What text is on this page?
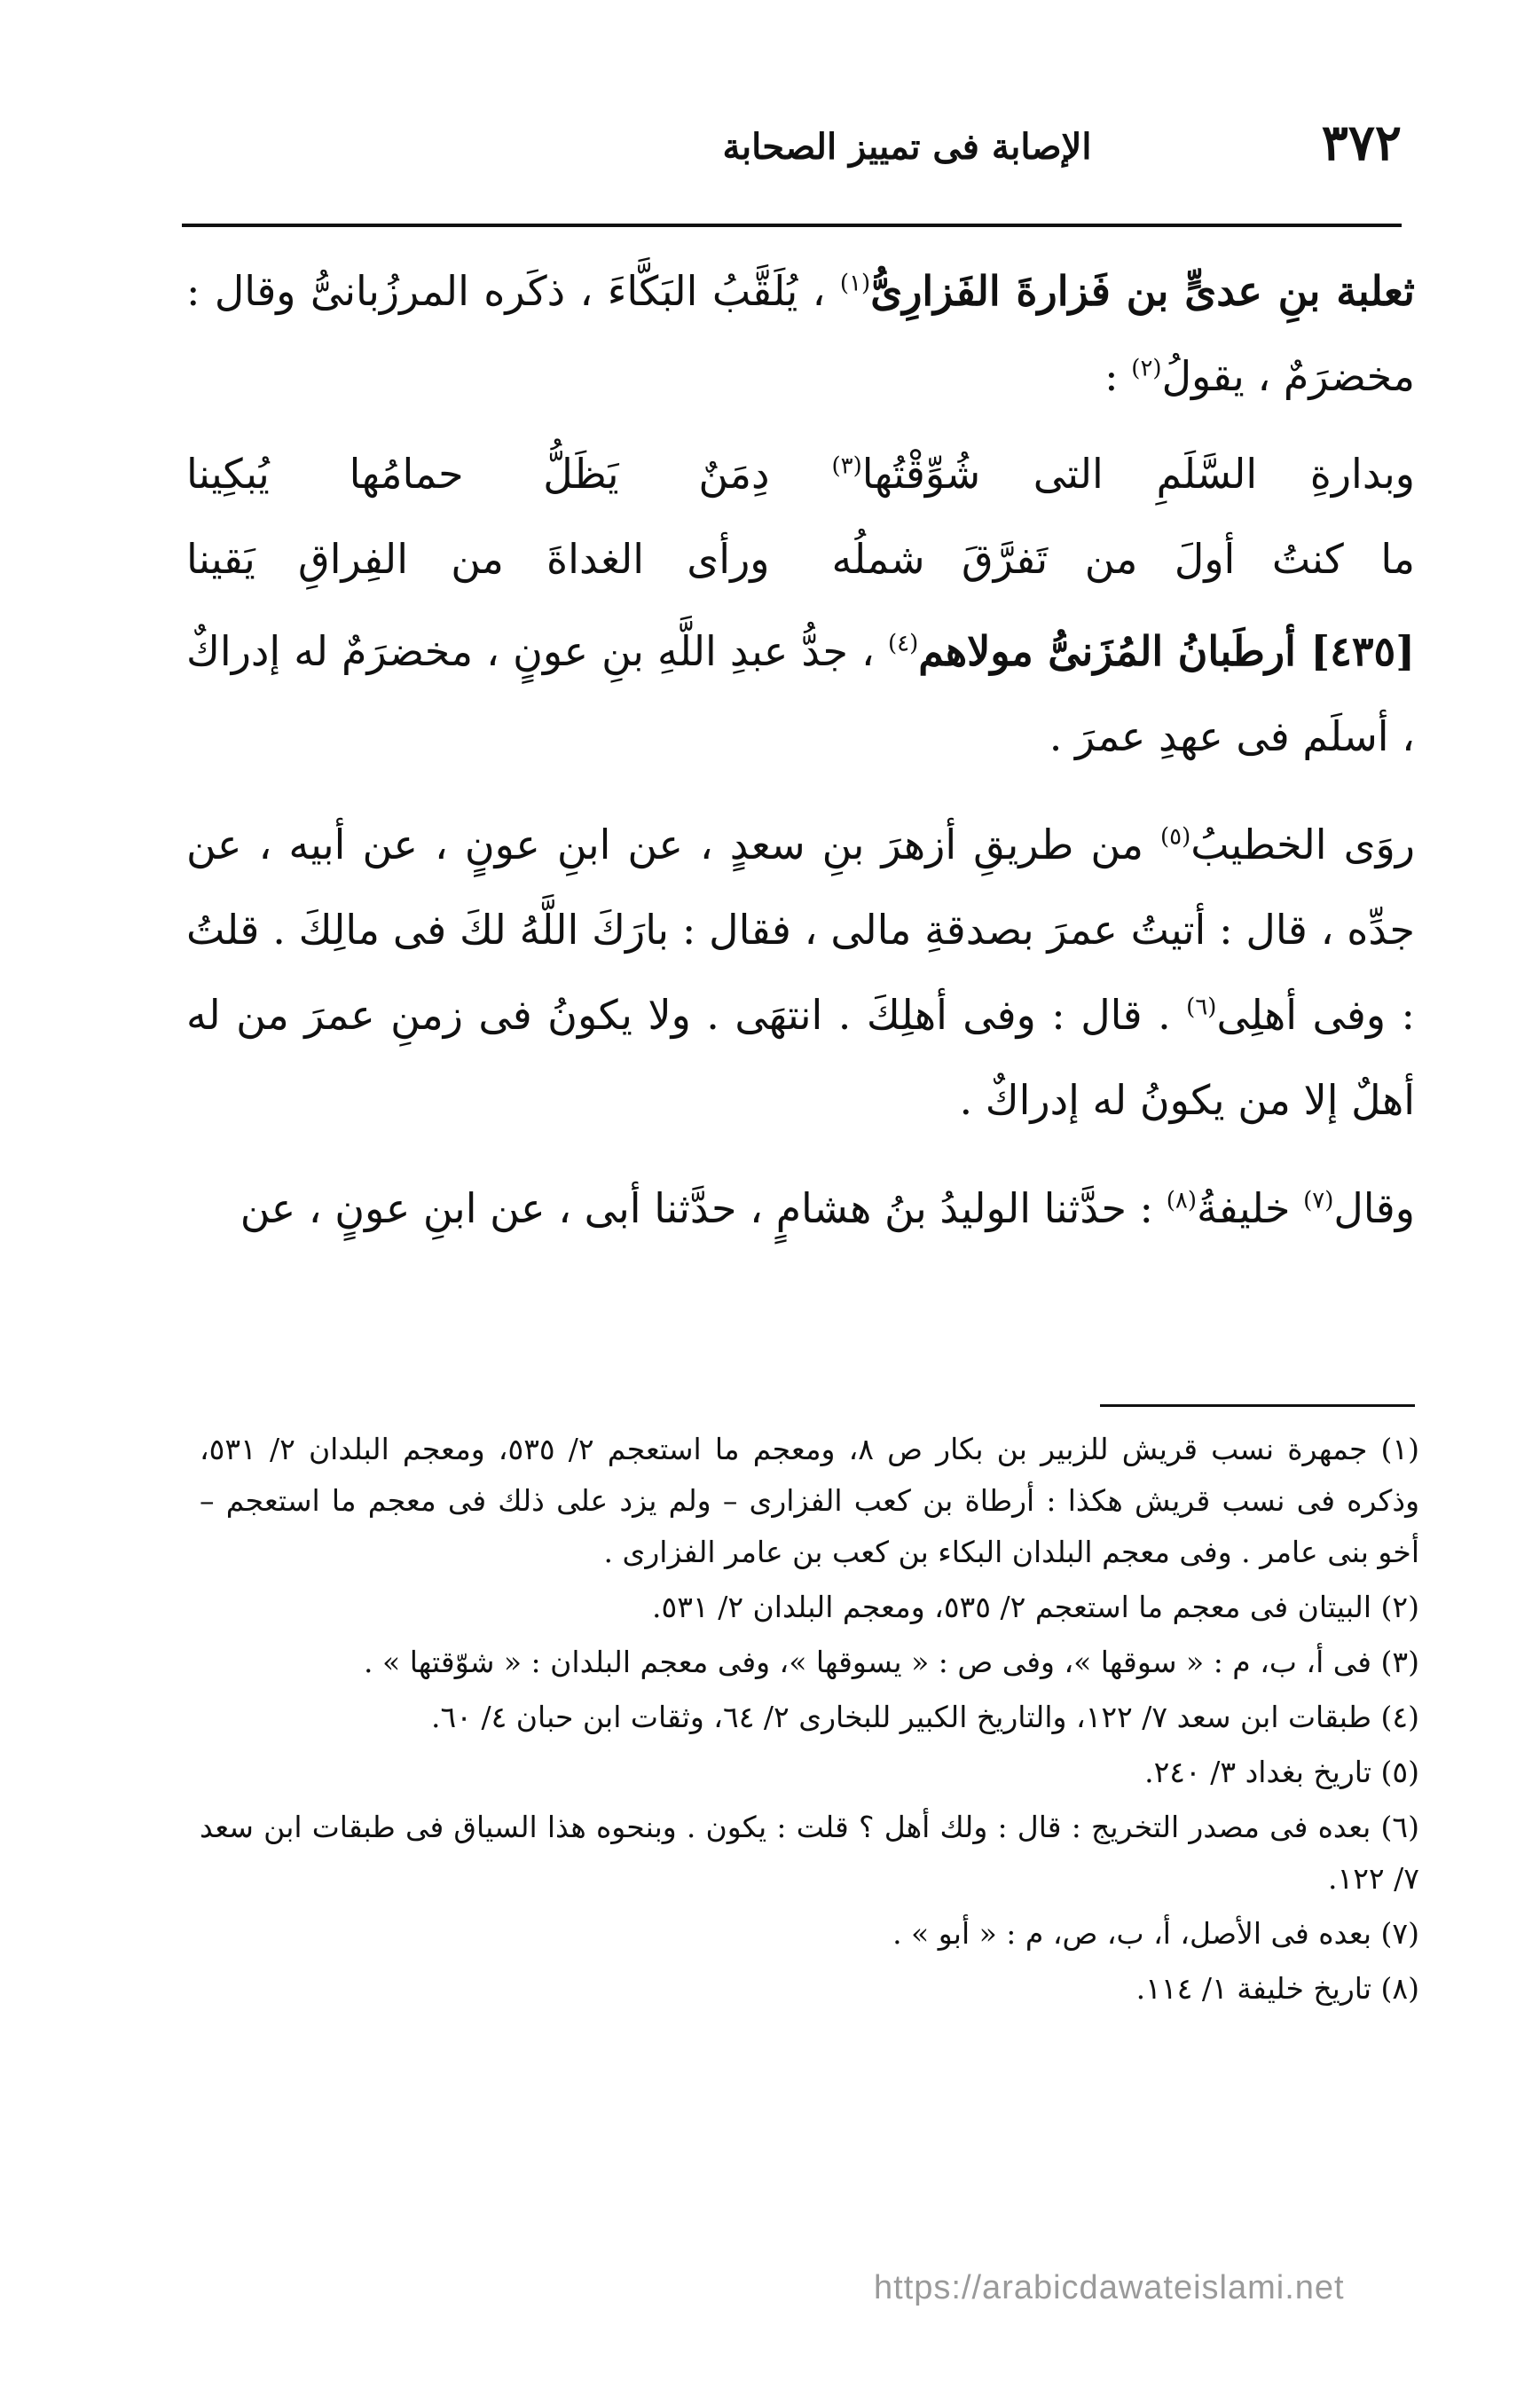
٣٧٢
الإصابة فى تمييز الصحابة

ثعلبة بنِ عدىٍّ بن فَزارةَ الفَزارِىُّ$^{(١)}$ ، يُلَقَّبُ البَكَّاءَ ، ذكَره المرزُبانىُّ وقال : مخضرَمٌ ، يقولُ$^{(٢)}$ :

وبدارةِ السَّلَمِ التى شُوِّقْتُها$^{(٣)}$
دِمَنٌ يَظَلُّ حمامُها يُبكِينا
ما كنتُ أولَ من تَفرَّقَ شملُه
ورأى الغداةَ من الفِراقِ يَقينا

[٤٣٥] أرطَبانُ المُزَنىُّ مولاهم$^{(٤)}$ ، جدُّ عبدِ اللَّهِ بنِ عونٍ ، مخضرَمٌ له إدراكٌ ، أسلَم فى عهدِ عمرَ .

روَى الخطيبُ$^{(٥)}$ من طريقِ أزهرَ بنِ سعدٍ ، عن ابنِ عونٍ ، عن أبيه ، عن جدِّه ، قال : أتيتُ عمرَ بصدقةِ مالى ، فقال : بارَكَ اللَّهُ لكَ فى مالِكَ . قلتُ : وفى أهلِى$^{(٦)}$ . قال : وفى أهلِكَ . انتهَى . ولا يكونُ فى زمنِ عمرَ من له أهلٌ إلا من يكونُ له إدراكٌ .

وقال$^{(٧)}$ خليفةُ$^{(٨)}$ : حدَّثنا الوليدُ بنُ هشامٍ ، حدَّثنا أبى ، عن ابنِ عونٍ ، عن

(١) جمهرة نسب قريش للزبير بن بكار ص ٨، ومعجم ما استعجم ٢/ ٥٣٥، ومعجم البلدان ٢/ ٥٣١، وذكره فى نسب قريش هكذا : أرطاة بن كعب الفزارى – ولم يزد على ذلك فى معجم ما استعجم – أخو بنى عامر . وفى معجم البلدان البكاء بن كعب بن عامر الفزارى .

(٢) البيتان فى معجم ما استعجم ٢/ ٥٣٥، ومعجم البلدان ٢/ ٥٣١.

(٣) فى أ، ب، م : « سوقها »، وفى ص : « يسوقها »، وفى معجم البلدان : « شوّقتها » .

(٤) طبقات ابن سعد ٧/ ١٢٢، والتاريخ الكبير للبخارى ٢/ ٦٤، وثقات ابن حبان ٤/ ٦٠.

(٥) تاريخ بغداد ٣/ ٢٤٠.

(٦) بعده فى مصدر التخريج : قال : ولك أهل ؟ قلت : يكون . وبنحوه هذا السياق فى طبقات ابن سعد ٧/ ١٢٢.

(٧) بعده فى الأصل، أ، ب، ص، م : « أبو » .

(٨) تاريخ خليفة ١/ ١١٤.

https://arabicdawateislami.net
